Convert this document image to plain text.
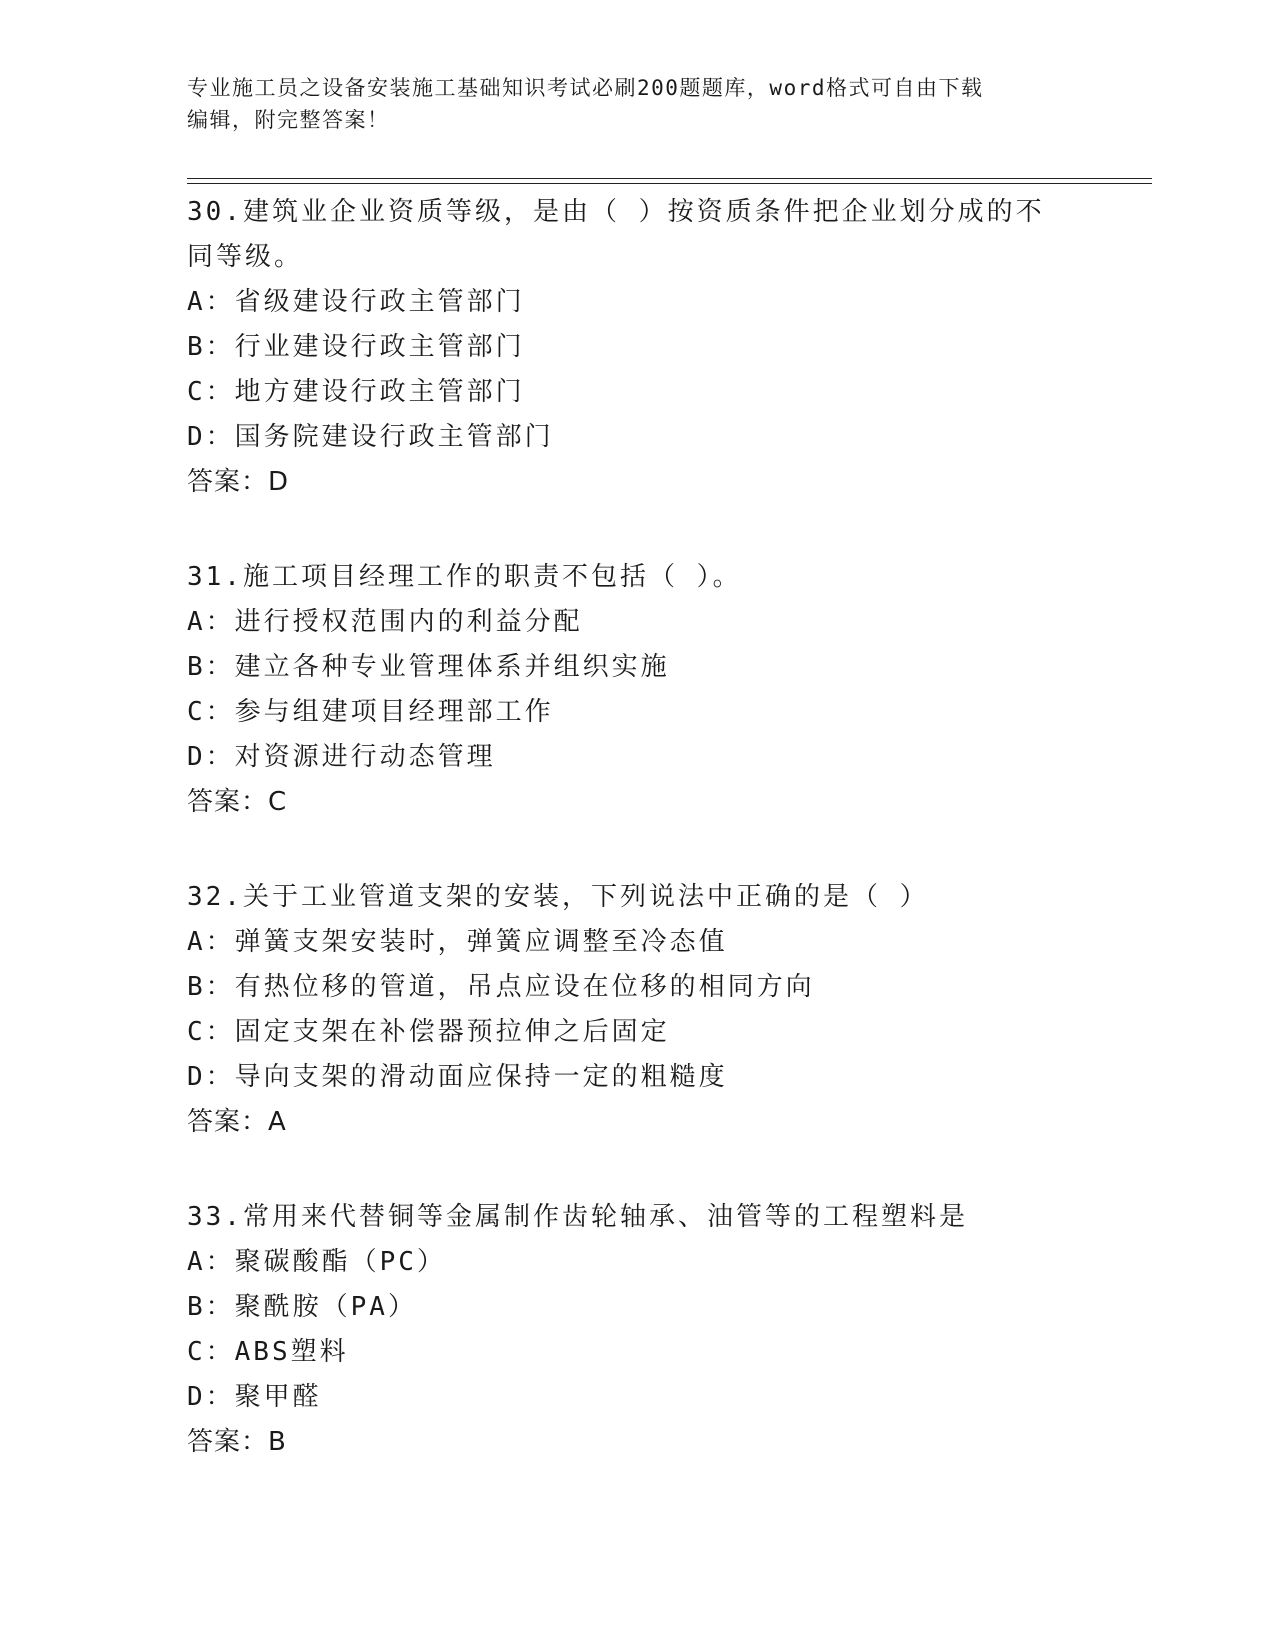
专业施工员之设备安装施工基础知识考试必刷200题题库，word格式可自由下载
编辑，附完整答案！

30.建筑业企业资质等级，是由（ ）按资质条件把企业划分成的不同等级。

A：省级建设行政主管部门

B：行业建设行政主管部门

C：地方建设行政主管部门

D：国务院建设行政主管部门

答案：D

31.施工项目经理工作的职责不包括（ ）。

A：进行授权范围内的利益分配

B：建立各种专业管理体系并组织实施

C：参与组建项目经理部工作

D：对资源进行动态管理

答案：C

32.关于工业管道支架的安装，下列说法中正确的是（ ）

A：弹簧支架安装时，弹簧应调整至冷态值

B：有热位移的管道，吊点应设在位移的相同方向

C：固定支架在补偿器预拉伸之后固定

D：导向支架的滑动面应保持一定的粗糙度

答案：A

33.常用来代替铜等金属制作齿轮轴承、油管等的工程塑料是

A：聚碳酸酯（PC）

B：聚酰胺（PA）

C：ABS塑料

D：聚甲醛

答案：B
